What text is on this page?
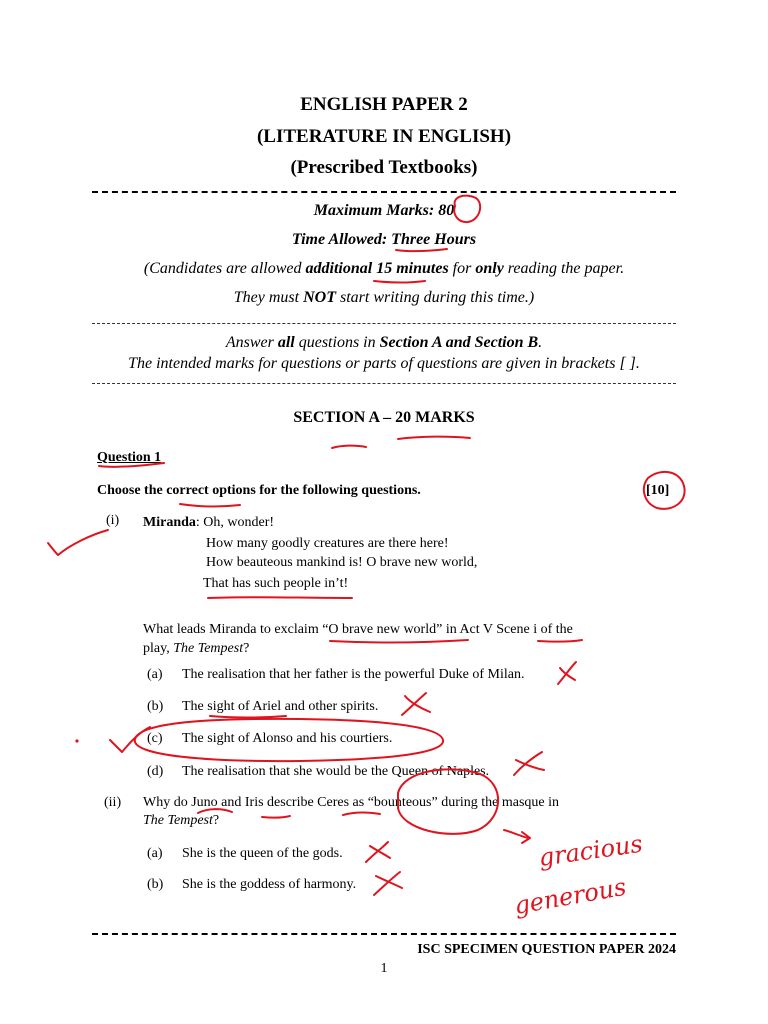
ENGLISH PAPER 2
(LITERATURE IN ENGLISH)
(Prescribed Textbooks)
Maximum Marks: 80
Time Allowed: Three Hours
(Candidates are allowed additional 15 minutes for only reading the paper.
They must NOT start writing during this time.)
Answer all questions in Section A and Section B.
The intended marks for questions or parts of questions are given in brackets [ ].
SECTION A – 20 MARKS
Question 1
Choose the correct options for the following questions.	[10]
(i) Miranda: Oh, wonder!
How many goodly creatures are there here!
How beauteous mankind is! O brave new world,
That has such people in’t!
What leads Miranda to exclaim “O brave new world” in Act V Scene i of the
play, The Tempest?
(a) The realisation that her father is the powerful Duke of Milan.
(b) The sight of Ariel and other spirits.
(c) The sight of Alonso and his courtiers.
(d) The realisation that she would be the Queen of Naples.
(ii) Why do Juno and Iris describe Ceres as “bounteous” during the masque in
The Tempest?
(a) She is the queen of the gods.
(b) She is the goddess of harmony.
ISC SPECIMEN QUESTION PAPER 2024
1
gracious
generous
